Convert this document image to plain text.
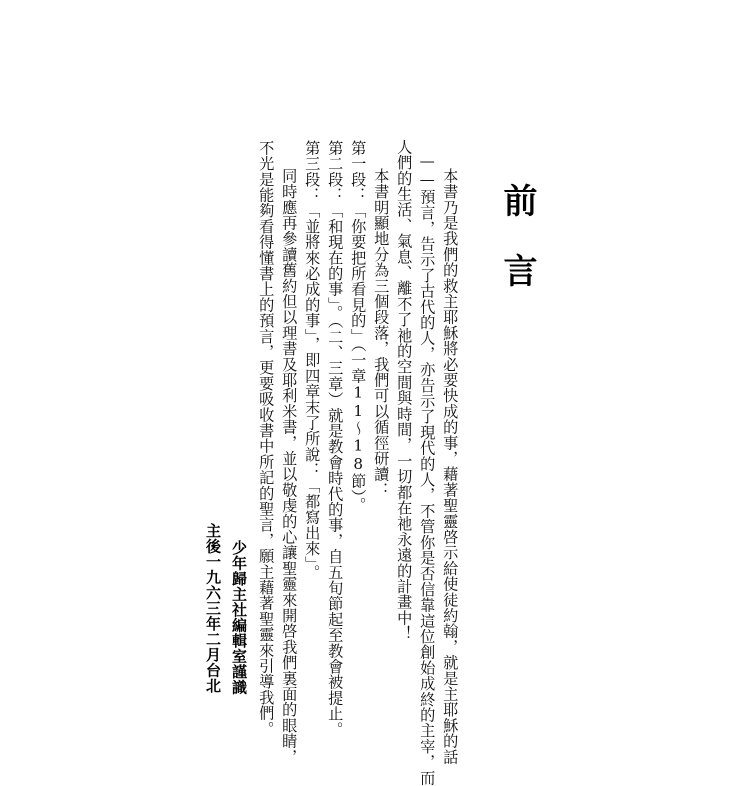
前
言
本書乃是我們的救主耶穌將必要快成的事，藉著聖靈啓示給使徒約翰，就是主耶穌的話
——預言，告示了古代的人，亦告示了現代的人，不管你是否信靠這位創始成終的主宰，而
人們的生活、氣息、離不了祂的空間與時間，一切都在祂永遠的計畫中！
本書明顯地分為三個段落，我們可以循徑研讀：
第一段：「你要把所看見的」（一章11～18節）。
第二段：「和現在的事」。（二、三章）就是教會時代的事，自五旬節起至教會被提止。
第三段：「並將來必成的事」，即四章末了所說：「都寫出來」。
同時應再參讀舊約但以理書及耶利米書，並以敬虔的心讓聖靈來開啓我們裏面的眼睛，
不光是能夠看得懂書上的預言，更要吸收書中所記的聖言，願主藉著聖靈來引導我們。
少年歸主社編輯室謹識
主後一九六三年二月台北
